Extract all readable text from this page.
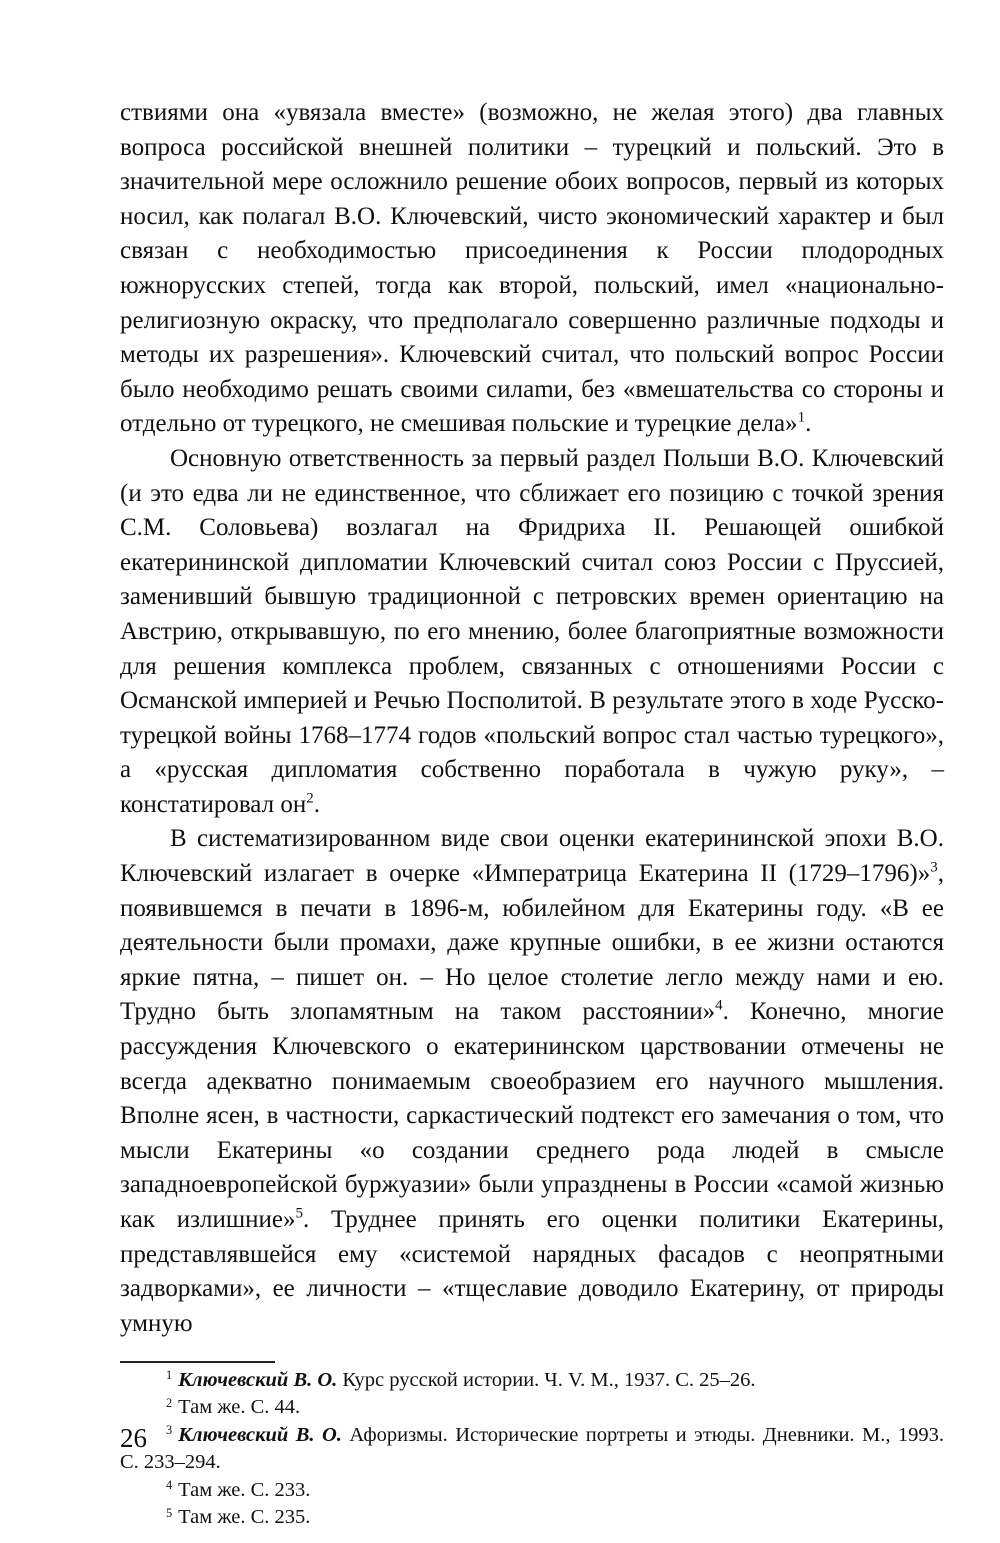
ствиями она «увязала вместе» (возможно, не желая этого) два главных вопроса российской внешней политики – турецкий и польский. Это в значительной мере осложнило решение обоих вопросов, первый из которых носил, как полагал В.О. Ключевский, чисто экономический характер и был связан с необходимостью присоединения к России плодородных южнорусских степей, тогда как второй, польский, имел «национально-религиозную окраску, что предполагало совершенно различные подходы и методы их разрешения». Ключевский считал, что польский вопрос России было необходимо решать своими силаmи, без «вмешательства со стороны и отдельно от турецкого, не смешивая польские и турецкие дела»$^1$.

Основную ответственность за первый раздел Польши В.О. Ключевский (и это едва ли не единственное, что сближает его позицию с точкой зрения С.М. Соловьева) возлагал на Фридриха II. Решающей ошибкой екатерининской дипломатии Ключевский считал союз России с Пруссией, заменивший бывшую традиционной с петровских времен ориентацию на Австрию, открывавшую, по его мнению, более благоприятные возможности для решения комплекса проблем, связанных с отношениями России с Османской империей и Речью Посполитой. В результате этого в ходе Русско-турецкой войны 1768–1774 годов «польский вопрос стал частью турецкого», а «русская дипломатия собственно поработала в чужую руку», – констатировал $он^2$.

В систематизированном виде свои оценки екатерининской эпохи В.О. Ключевский излагает в очерке «Императрица Екатерина II (1729–1796)»$^3$, появившемся в печати в 1896-м, юбилейном для Екатерины году. «В ее деятельности были промахи, даже крупные ошибки, в ее жизни остаются яркие пятна, – пишет он. – Но целое столетие легло между нами и ею. Трудно быть злопамятным на таком расстоянии»$^4$. Конечно, многие рассуждения Ключевского о екатерининском царствовании отмечены не всегда адекватно понимаемым своеобразием его научного мышления. Вполне ясен, в частности, саркастический подтекст его замечания о том, что мысли Екатерины «о создании среднего рода людей в смысле западноевропейской буржуазии» были упразднены в России «самой жизнью как излишние»$^5$. Труднее принять его оценки политики Екатерины, представлявшейся ему «системой нарядных фасадов с неопрятными задворками», ее личности – «тщеславие доводило Екатерину, от природы умную

$^1$ Ключевский В. О. Курс русской истории. Ч. V. М., 1937. С. 25–26.

$^2$ Там же. С. 44.

$^3$ Ключевский В. О. Афоризмы. Исторические портреты и этюды. Дневники. М., 1993. С. 233–294.

$^4$ Там же. С. 233.

$^5$ Там же. С. 235.

26
